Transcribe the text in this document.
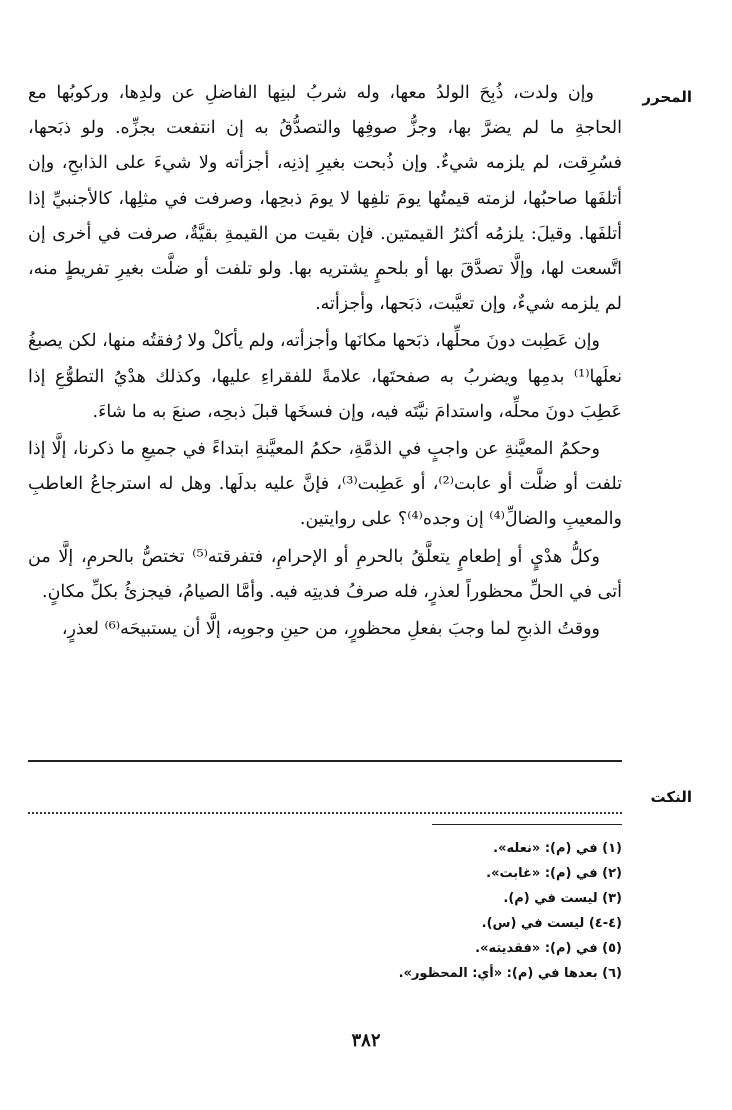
المحرر

وإن ولدت، ذُبِحَ الولدُ معها، وله شربُ لبنِها الفاضلِ عن ولدِها، وركوبُها مع الحاجةِ ما لم يضرَّ بها، وجزُّ صوفِها والتصدُّقُ به إن انتفعت بجزِّه. ولو ذبَحها، فسُرِقت، لم يلزمه شيءٌ. وإن ذُبحت بغيرِ إذنِه، أجزأته ولا شيءَ على الذابحِ، وإن أتلفَها صاحبُها، لزمته قيمتُها يومَ تلفِها لا يومَ ذبحِها، وصرفت في مثلِها، كالأجنبيِّ إذا أتلفَها. وقيلَ: يلزمُه أكثرُ القيمتين. فإن بقيت من القيمةِ بقيَّةٌ، صرفت في أخرى إن اتَّسعت لها، وإلَّا تصدَّقَ بها أو بلحمٍ يشتريه بها. ولو تلفت أو ضلَّت بغيرِ تفريطٍ منه، لم يلزمه شيءٌ، وإن تعيَّبت، ذبَحها، وأجزأته.

وإن عَطِبت دونَ محلِّها، ذبَحها مكانَها وأجزأته، ولم يأكلْ ولا رُفقتُه منها، لكن يصبغُ نعلَها⁽¹⁾ بدمِها ويضربُ به صفحتَها، علامةً للفقراءِ عليها، وكذلك هدْيُ التطوُّعِ إذا عَطِبَ دونَ محلِّه، واستدامَ نيَّتَه فيه، وإن فسخَها قبلَ ذبحِه، صنعَ به ما شاءَ.

وحكمُ المعيَّنةِ عن واجبٍ في الذمَّةِ، حكمُ المعيَّنةِ ابتداءً في جميعِ ما ذكرنا، إلَّا إذا تلفت أو ضلَّت أو عابت⁽²⁾، أو عَطِبت⁽³⁾، فإنَّ عليه بدلَها. وهل له استرجاعُ العاطبِ والمعيبِ والضالِّ⁽⁴⁾ إن وجده⁽⁴⁾؟ على روايتين.

وكلُّ هدْيٍ أو إطعامٍ يتعلَّقُ بالحرمِ أو الإحرامِ، فتفرقته⁽⁵⁾ تختصُّ بالحرمِ، إلَّا من أتى في الحلِّ محظوراً لعذرٍ، فله صرفُ فديتِه فيه. وأمَّا الصيامُ، فيجزئُ بكلِّ مكانٍ.

ووقتُ الذبحِ لما وجبَ بفعلِ محظورٍ، من حينِ وجوبِه، إلَّا أن يستبيحَه⁽⁶⁾ لعذرٍ،

النكت
(١) في (م): «نعله».
(٢) في (م): «غابت».
(٣) ليست في (م).
(٤-٤) ليست في (س).
(٥) في (م): «فقديته».
(٦) بعدها في (م): «أي: المحظور».
٣٨٢
